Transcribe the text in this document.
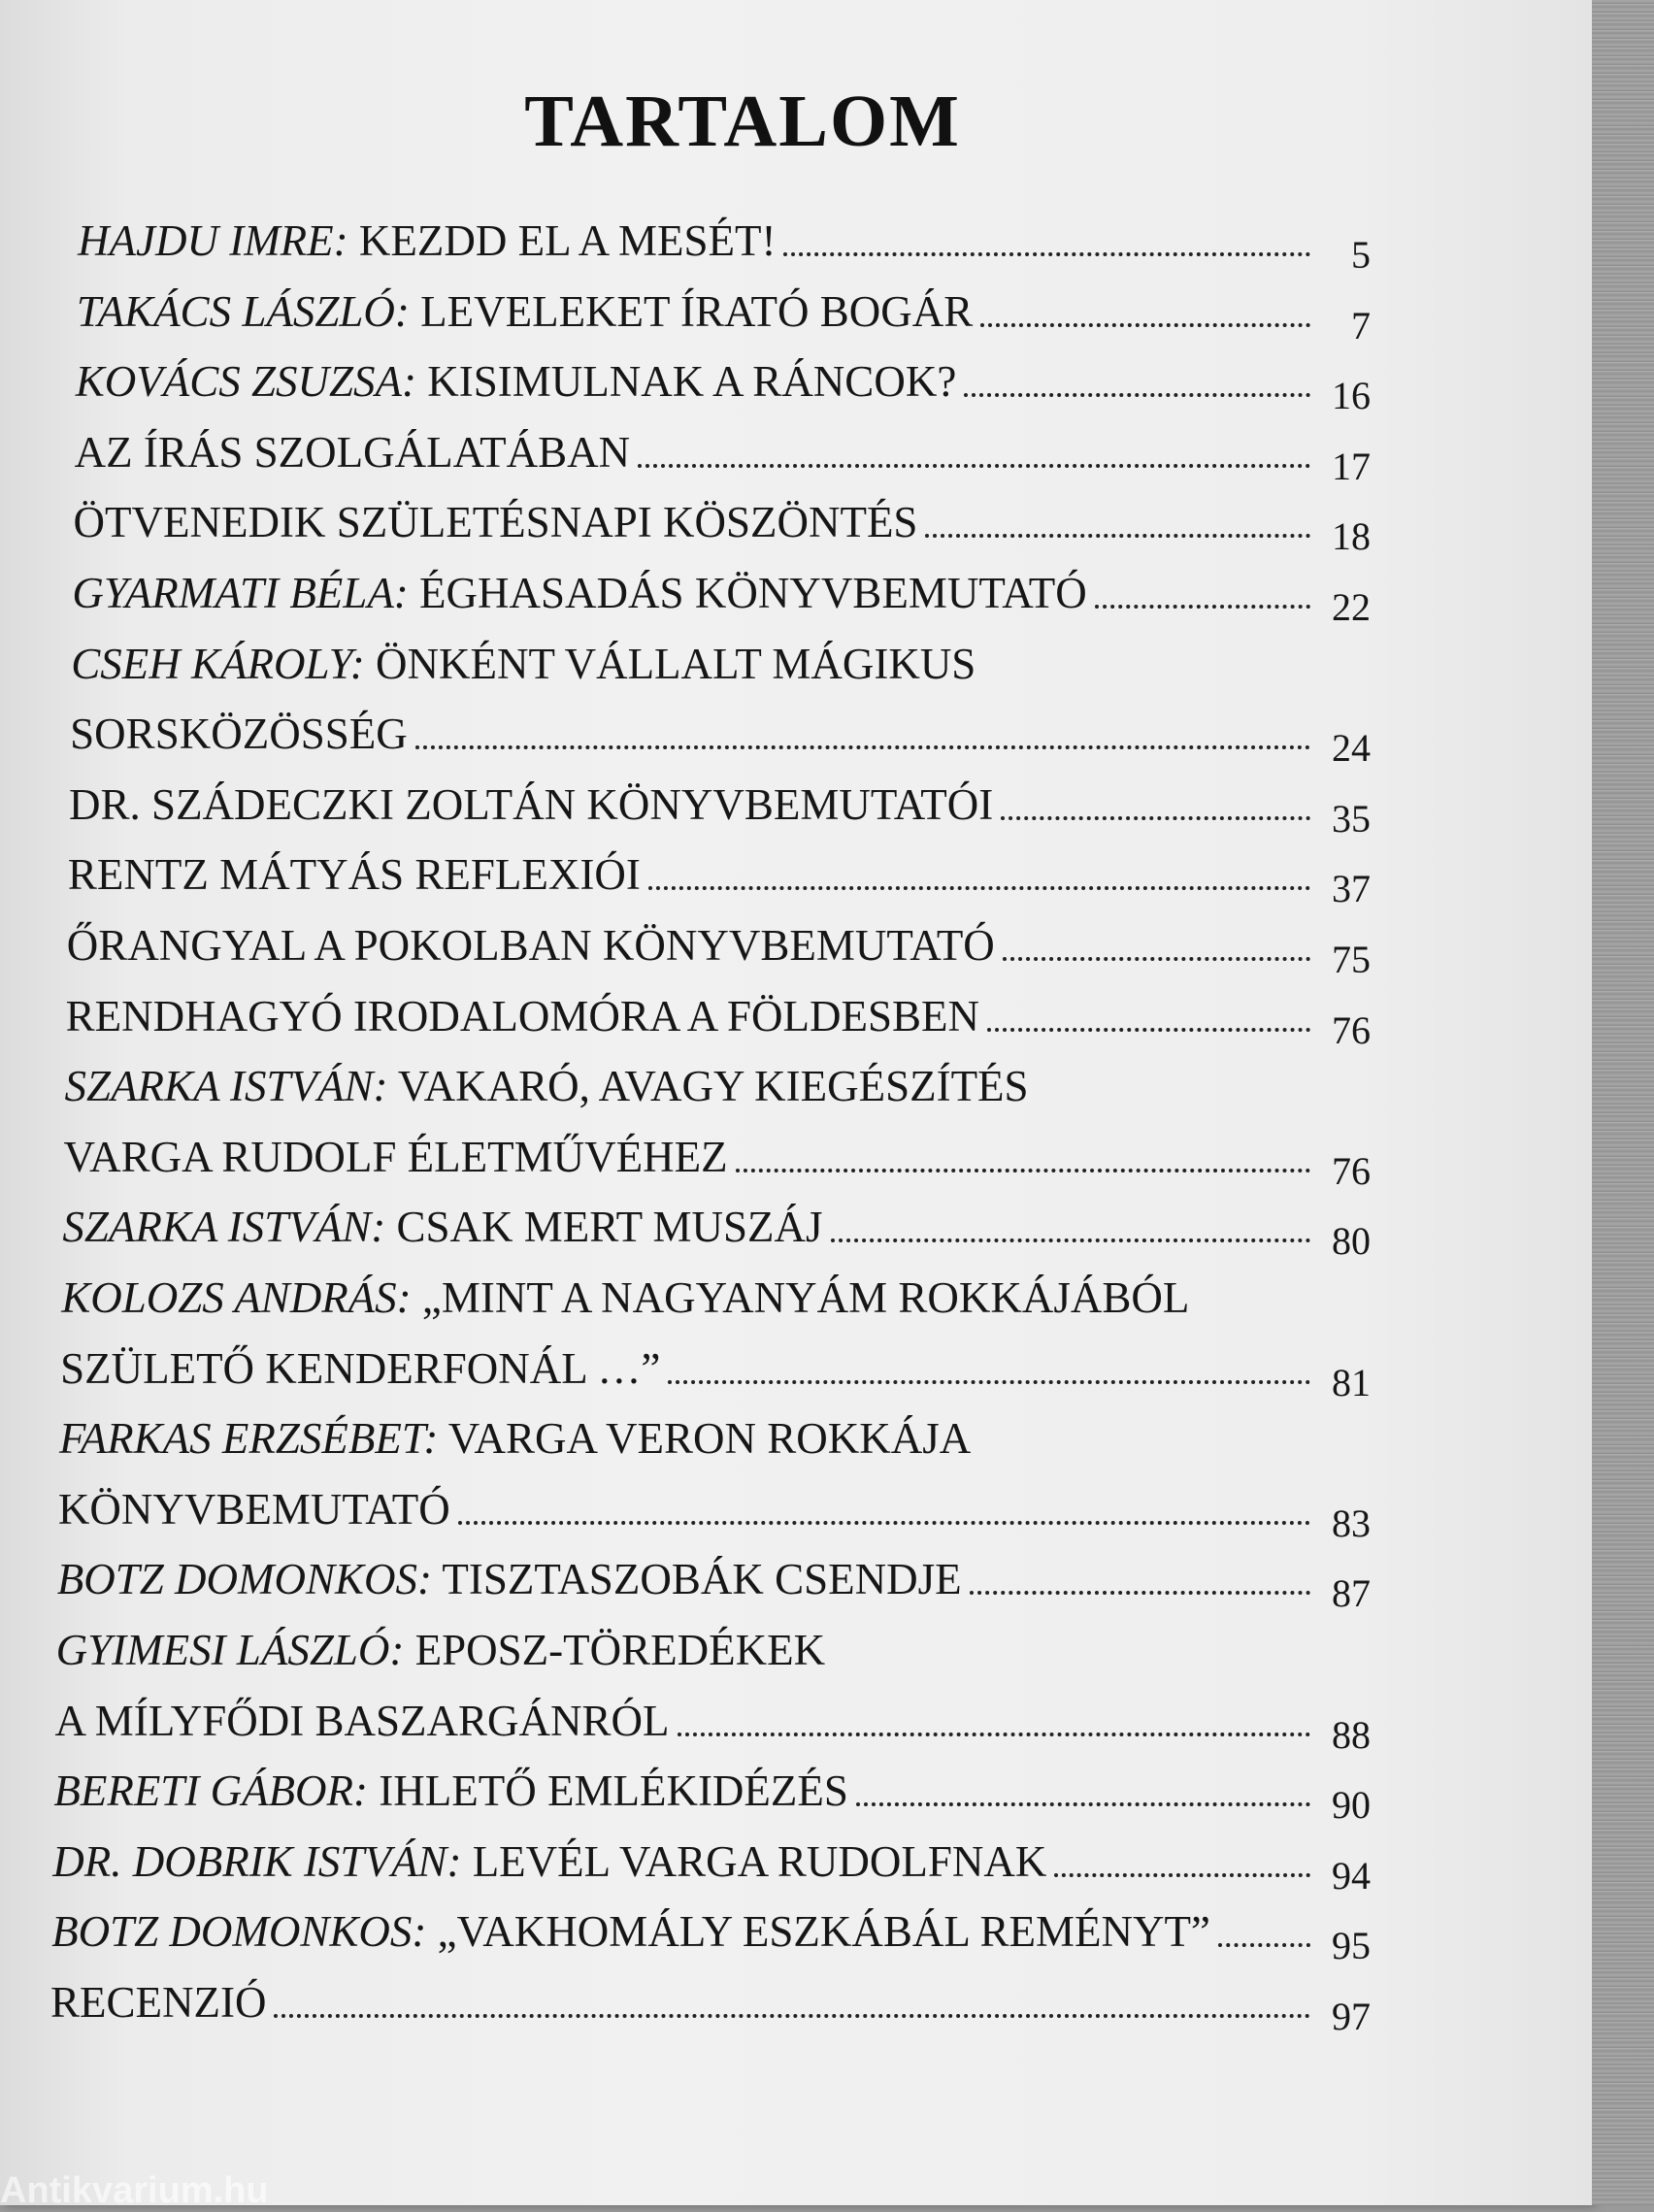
TARTALOM
HAJDU IMRE: KEZDD EL A MESÉT!	5
TAKÁCS LÁSZLÓ: LEVELEKET ÍRATÓ BOGÁR	7
KOVÁCS ZSUZSA: KISIMULNAK A RÁNCOK?	16
AZ ÍRÁS SZOLGÁLATÁBAN	17
ÖTVENEDIK SZÜLETÉSNAPI KÖSZÖNTÉS	18
GYARMATI BÉLA: ÉGHASADÁS KÖNYVBEMUTATÓ	22
CSEH KÁROLY: ÖNKÉNT VÁLLALT MÁGIKUS
SORSKÖZÖSSÉG	24
DR. SZÁDECZKI ZOLTÁN KÖNYVBEMUTATÓI	35
RENTZ MÁTYÁS REFLEXIÓI	37
ŐRANGYAL A POKOLBAN KÖNYVBEMUTATÓ	75
RENDHAGYÓ IRODALOMÓRA A FÖLDESBEN	76
SZARKA ISTVÁN: VAKARÓ, AVAGY KIEGÉSZÍTÉS
VARGA RUDOLF ÉLETMŰVÉHEZ	76
SZARKA ISTVÁN: CSAK MERT MUSZÁJ	80
KOLOZS ANDRÁS: „MINT A NAGYANYÁM ROKKÁJÁBÓL
SZÜLETŐ KENDERFONÁL …”	81
FARKAS ERZSÉBET: VARGA VERON ROKKÁJA
KÖNYVBEMUTATÓ	83
BOTZ DOMONKOS: TISZTASZOBÁK CSENDJE	87
GYIMESI LÁSZLÓ: EPOSZ-TÖREDÉKEK
A MÍLYFŐDI BASZARGÁNRÓL	88
BERETI GÁBOR: IHLETŐ EMLÉKIDÉZÉS	90
DR. DOBRIK ISTVÁN: LEVÉL VARGA RUDOLFNAK	94
BOTZ DOMONKOS: „VAKHOMÁLY ESZKÁBÁL REMÉNYT”	95
RECENZIÓ	97
Antikvarium.hu
